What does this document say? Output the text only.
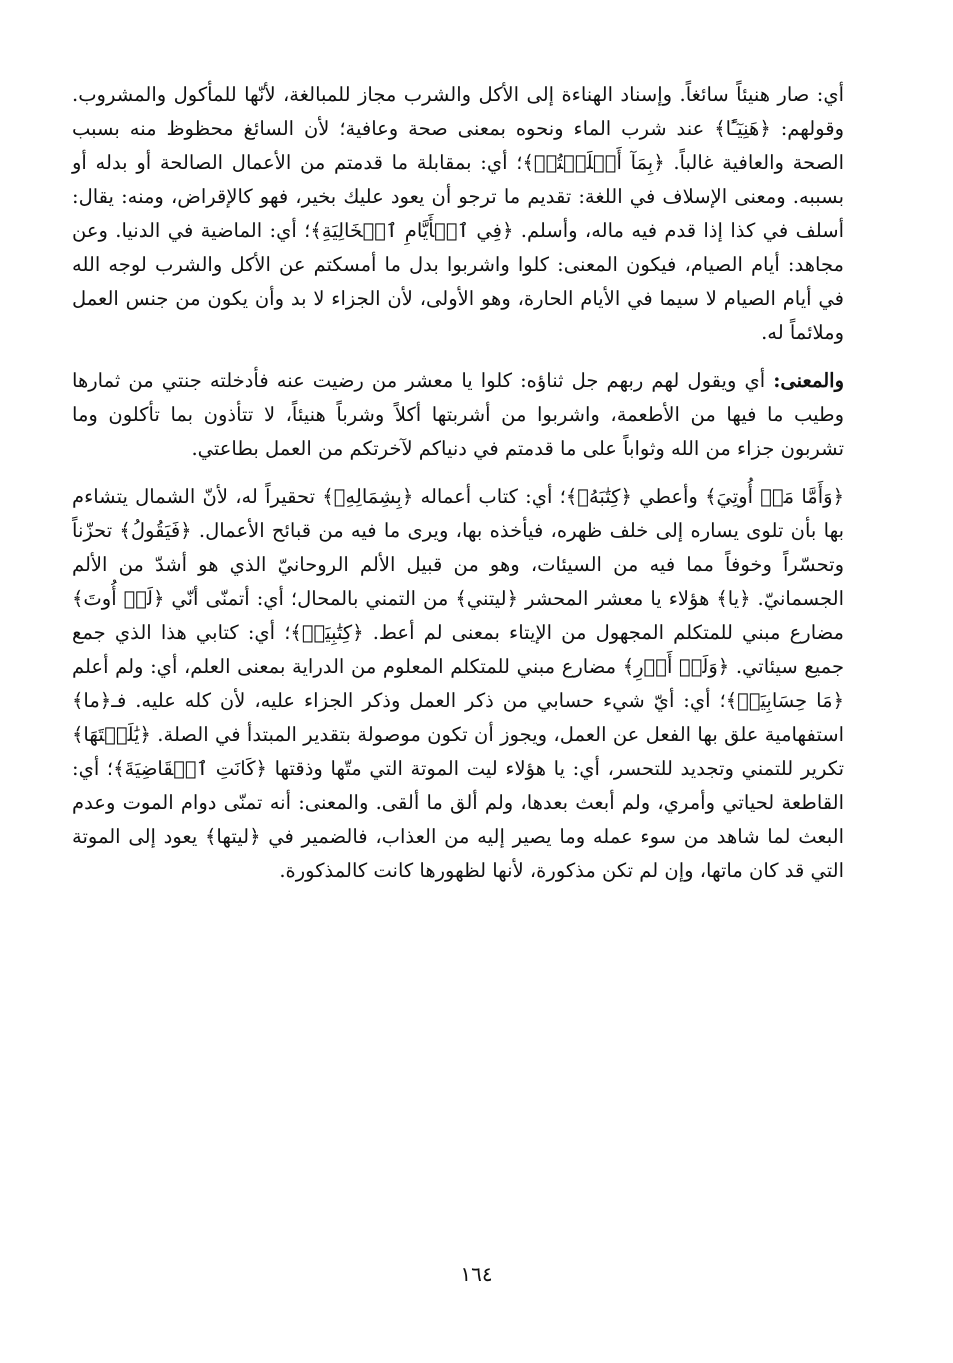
أي: صار هنيئاً سائغاً. وإسناد الهناءة إلى الأكل والشرب مجاز للمبالغة، لأنّها للمأكول والمشروب. وقولهم: ﴿هَنِيٓـًٔا﴾ عند شرب الماء ونحوه بمعنى صحة وعافية؛ لأن السائغ محظوظ منه بسبب الصحة والعافية غالباً. ﴿بِمَآ أَسۡلَفۡتُمۡ﴾؛ أي: بمقابلة ما قدمتم من الأعمال الصالحة أو بدله أو بسببه. ومعنى الإسلاف في اللغة: تقديم ما ترجو أن يعود عليك بخير، فهو كالإقراض، ومنه: يقال: أسلف في كذا إذا قدم فيه ماله، وأسلم. ﴿فِي ٱلۡأَيَّامِ ٱلۡخَالِيَةِ﴾؛ أي: الماضية في الدنيا. وعن مجاهد: أيام الصيام، فيكون المعنى: كلوا واشربوا بدل ما أمسكتم عن الأكل والشرب لوجه الله في أيام الصيام لا سيما في الأيام الحارة، وهو الأولى، لأن الجزاء لا بد وأن يكون من جنس العمل وملائماً له.

والمعنى: أي ويقول لهم ربهم جل ثناؤه: كلوا يا معشر من رضيت عنه فأدخلته جنتي من ثمارها وطيب ما فيها من الأطعمة، واشربوا من أشربتها أكلاً وشرباً هنيئاً، لا تتأذون بما تأكلون وما تشربون جزاء من الله وثواباً على ما قدمتم في دنياكم لآخرتكم من العمل بطاعتي.

﴿وَأَمَّا مَنۡ أُوتِيَ﴾ وأعطي ﴿كِتَٰبَهُۥ﴾؛ أي: كتاب أعماله ﴿بِشِمَالِهِۦ﴾ تحقيراً له، لأنّ الشمال يتشاءم بها بأن تلوى يساره إلى خلف ظهره، فيأخذه بها، ويرى ما فيه من قبائح الأعمال. ﴿فَيَقُولُ﴾ تحزّناً وتحسّراً وخوفاً مما فيه من السيئات، وهو من قبيل الألم الروحانيّ الذي هو أشدّ من الألم الجسمانيّ. ﴿يا﴾ هؤلاء يا معشر المحشر ﴿ليتني﴾ من التمني بالمحال؛ أي: أتمنّى أنّي ﴿لَمۡ أُوتَ﴾ مضارع مبني للمتكلم المجهول من الإيتاء بمعنى لم أعط. ﴿كِتَٰبِيَهۡ﴾؛ أي: كتابي هذا الذي جمع جميع سيئاتي. ﴿وَلَمۡ أَدۡرِ﴾ مضارع مبني للمتكلم المعلوم من الدراية بمعنى العلم، أي: ولم أعلم ﴿مَا حِسَابِيَهۡ﴾؛ أي: أيّ شيء حسابي من ذكر العمل وذكر الجزاء عليه، لأن كله عليه. فـ﴿ما﴾ استفهامية علق بها الفعل عن العمل، ويجوز أن تكون موصولة بتقدير المبتدأ في الصلة. ﴿يَٰلَيۡتَهَا﴾ تكرير للتمني وتجديد للتحسر، أي: يا هؤلاء ليت الموتة التي متّها وذقتها ﴿كَانَتِ ٱلۡقَاضِيَةَ﴾؛ أي: القاطعة لحياتي وأمري، ولم أبعث بعدها، ولم ألق ما ألقى. والمعنى: أنه تمنّى دوام الموت وعدم البعث لما شاهد من سوء عمله وما يصير إليه من العذاب، فالضمير في ﴿ليتها﴾ يعود إلى الموتة التي قد كان ماتها، وإن لم تكن مذكورة، لأنها لظهورها كانت كالمذكورة.

١٦٤
